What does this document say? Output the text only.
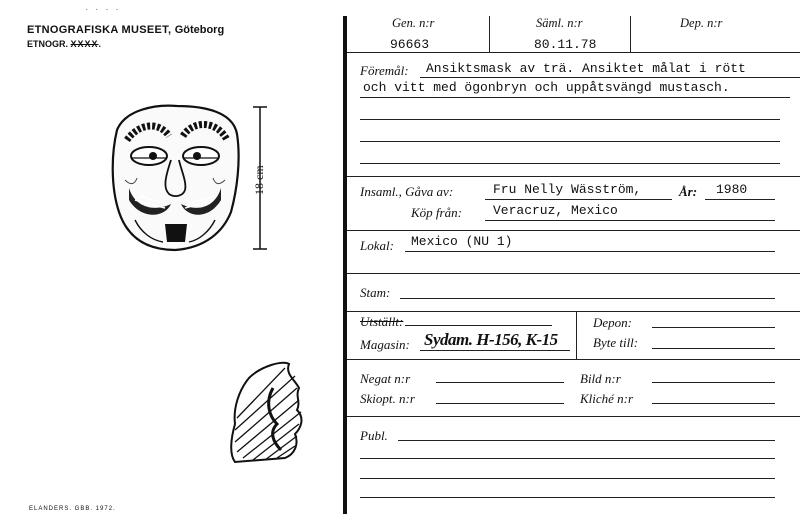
· · · ·
ETNOGRAFISKA MUSEET, Göteborg
ETNOGR. XXXX.
18 cm
ELANDERS. GBB. 1972.
Gen. n:r
96663
Säml. n:r
80.11.78
Dep. n:r
Föremål: Ansiktsmask av trä. Ansiktet målat i rött
och vitt med ögonbryn och uppåtsvängd mustasch.
Insaml., Gåva av:	Fru Nelly Wäsström,	År: 1980
Köp från: Veracruz, Mexico
Lokal: Mexico (NU 1)
Stam:
Utställt:
Magasin: Sydam. H-156, K-15
Depon:
Byte till:
Negat n:r	Bild n:r
Skiopt. n:r	Kliché n:r
Publ.
